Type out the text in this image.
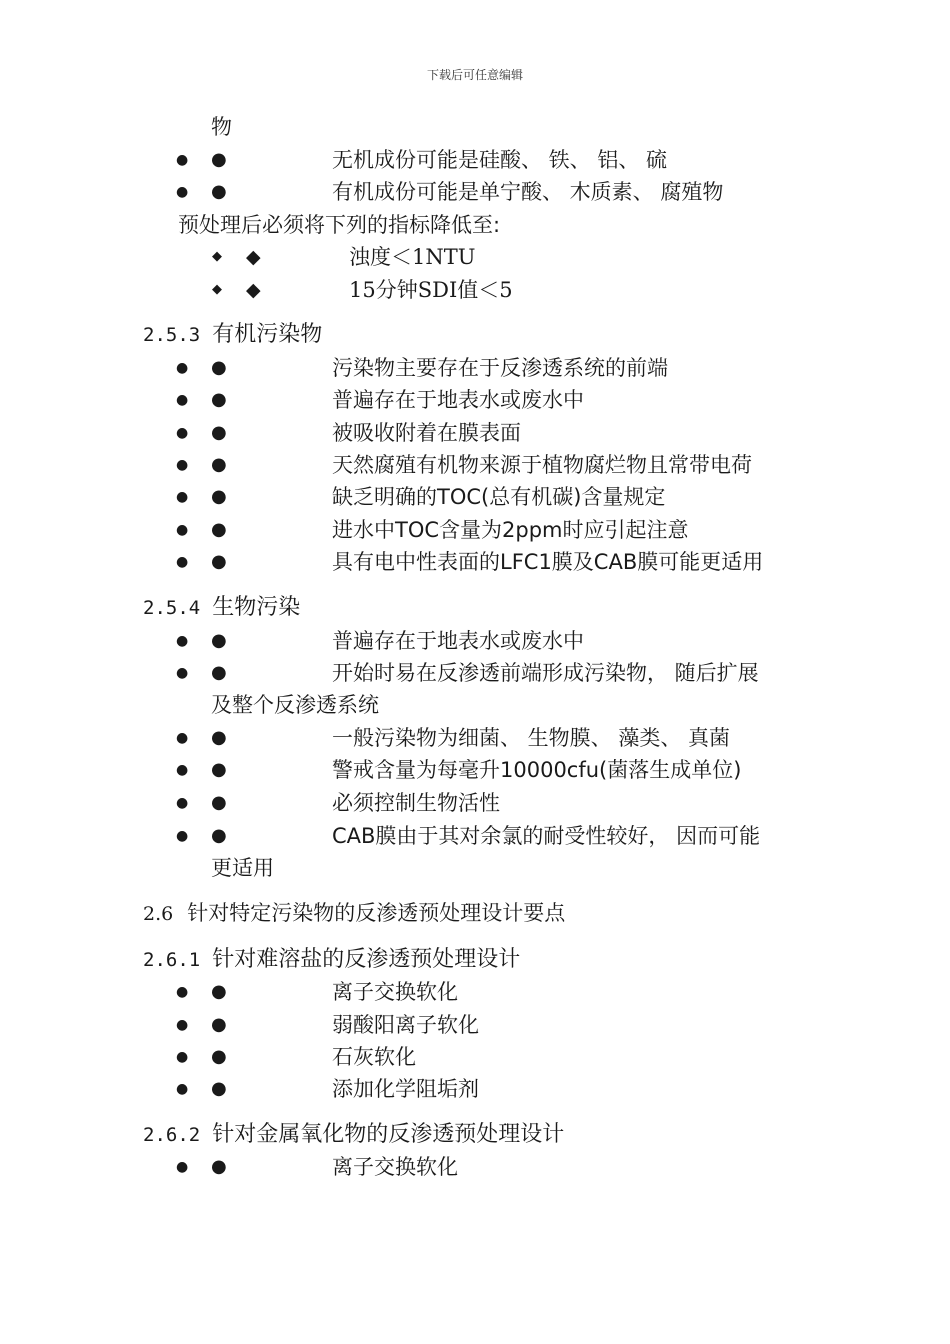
下载后可任意编辑
物
● ●	无机成份可能是硅酸、 铁、 铝、 硫
● ●	有机成份可能是单宁酸、 木质素、 腐殖物
预处理后必须将下列的指标降低至:
◆ ◆	浊度＜1NTU
◆ ◆	15分钟SDI值＜5
2.5.3 有机污染物
● ●	污染物主要存在于反渗透系统的前端
● ●	普遍存在于地表水或废水中
● ●	被吸收附着在膜表面
● ●	天然腐殖有机物来源于植物腐烂物且常带电荷
● ●	缺乏明确的TOC(总有机碳)含量规定
● ●	进水中TOC含量为2ppm时应引起注意
● ●	具有电中性表面的LFC1膜及CAB膜可能更适用
2.5.4 生物污染
● ●	普遍存在于地表水或废水中
● ●	开始时易在反渗透前端形成污染物， 随后扩展
及整个反渗透系统
● ●	一般污染物为细菌、 生物膜、 藻类、 真菌
● ●	警戒含量为每毫升10000cfu(菌落生成单位)
● ●	必须控制生物活性
● ●	CAB膜由于其对余氯的耐受性较好， 因而可能
更适用
2.6 针对特定污染物的反渗透预处理设计要点
2.6.1 针对难溶盐的反渗透预处理设计
● ●	离子交换软化
● ●	弱酸阳离子软化
● ●	石灰软化
● ●	添加化学阻垢剂
2.6.2 针对金属氧化物的反渗透预处理设计
● ●	离子交换软化
